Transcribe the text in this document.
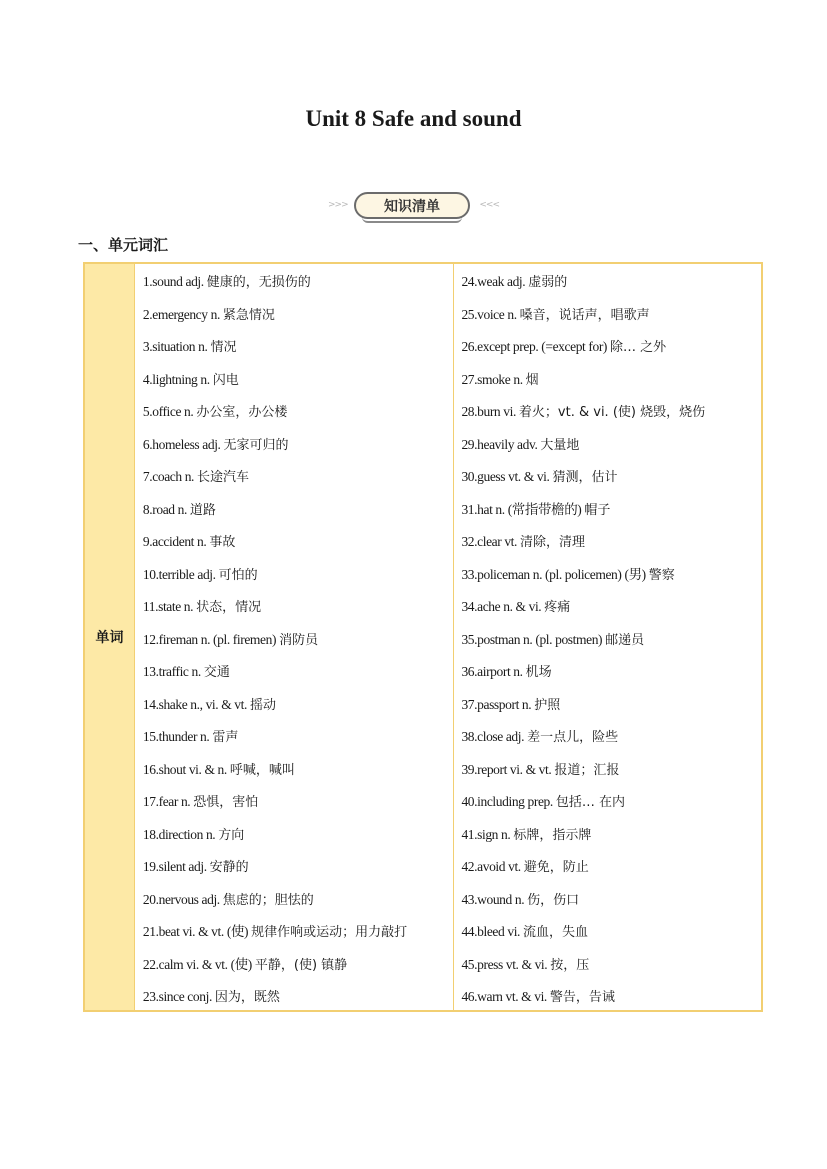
Unit 8 Safe and sound
>>>	知识清单	<<<
一、单元词汇
单词
1.sound adj. 健康的，无损伤的
2.emergency n. 紧急情况
3.situation n. 情况
4.lightning n. 闪电
5.office n. 办公室，办公楼
6.homeless adj. 无家可归的
7.coach n. 长途汽车
8.road n. 道路
9.accident n. 事故
10.terrible adj. 可怕的
11.state n. 状态，情况
12.fireman n. (pl. firemen) 消防员
13.traffic n. 交通
14.shake n., vi. & vt. 摇动
15.thunder n. 雷声
16.shout vi. & n. 呼喊，喊叫
17.fear n. 恐惧，害怕
18.direction n. 方向
19.silent adj. 安静的
20.nervous adj. 焦虑的；胆怯的
21.beat vi. & vt. (使) 规律作响或运动；用力敲打
22.calm vi. & vt. (使) 平静，(使) 镇静
23.since conj. 因为，既然
24.weak adj. 虚弱的
25.voice n. 嗓音，说话声，唱歌声
26.except prep. (=except for) 除… 之外
27.smoke n. 烟
28.burn vi. 着火；vt. & vi. (使) 烧毁，烧伤
29.heavily adv. 大量地
30.guess vt. & vi. 猜测，估计
31.hat n. (常指带檐的) 帽子
32.clear vt. 清除，清理
33.policeman n. (pl. policemen) (男) 警察
34.ache n. & vi. 疼痛
35.postman n. (pl. postmen) 邮递员
36.airport n. 机场
37.passport n. 护照
38.close adj. 差一点儿，险些
39.report vi. & vt. 报道；汇报
40.including prep. 包括… 在内
41.sign n. 标牌，指示牌
42.avoid vt. 避免，防止
43.wound n. 伤，伤口
44.bleed vi. 流血，失血
45.press vt. & vi. 按，压
46.warn vt. & vi. 警告，告诫
